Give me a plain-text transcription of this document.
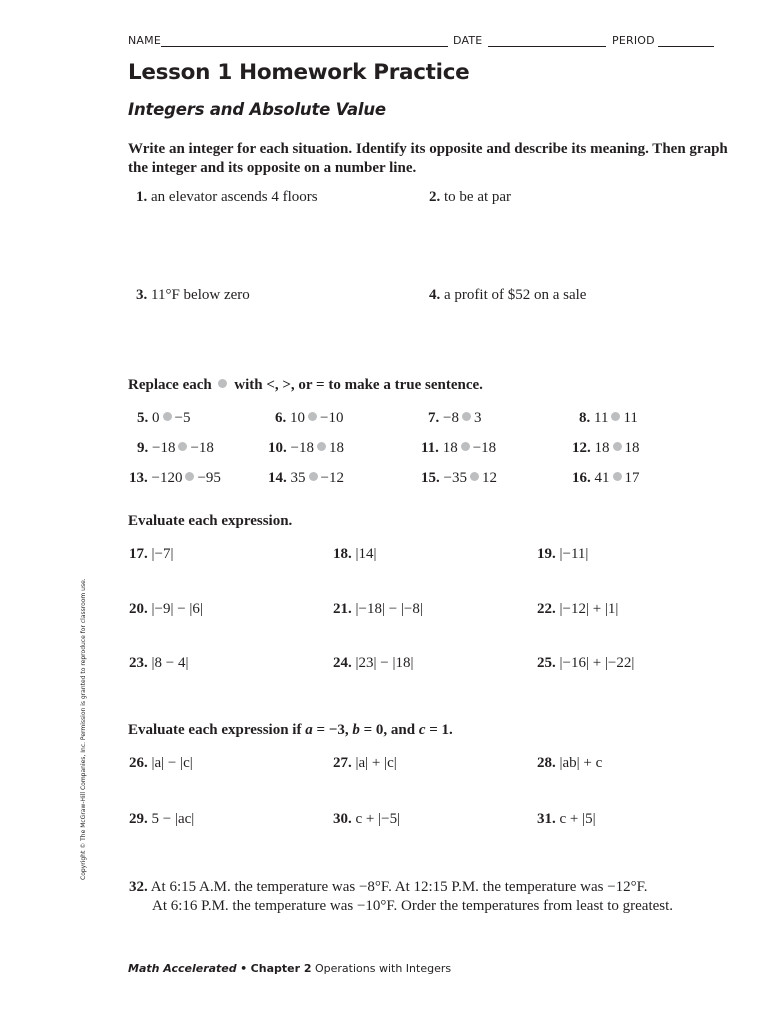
NAME	DATE	PERIOD
Lesson 1 Homework Practice
Integers and Absolute Value
Write an integer for each situation. Identify its opposite and describe its meaning. Then graph the integer and its opposite on a number line.
1. an elevator ascends 4 floors	2. to be at par
3. 11°F below zero	4. a profit of $52 on a sale
Replace each with <, >, or = to make a true sentence.
5. 0 −5	6. 10 −10	7. −8 3	8. 11 11
9. −18 −18	10. −18 18	11. 18 −18	12. 18 18
13. −120 −95	14. 35 −12	15. −35 12	16. 41 17
Evaluate each expression.
17. |−7|	18. |14|	19. |−11|
20. |−9| − |6|	21. |−18| − |−8|	22. |−12| + |1|
23. |8 − 4|	24. |23| − |18|	25. |−16| + |−22|
Evaluate each expression if a = −3, b = 0, and c = 1.
26. |a| − |c|	27. |a| + |c|	28. |ab| + c
29. 5 − |ac|	30. c + |−5|	31. c + |5|
32. At 6:15 A.M. the temperature was −8°F. At 12:15 P.M. the temperature was −12°F.
At 6:16 P.M. the temperature was −10°F. Order the temperatures from least to greatest.
Copyright © The McGraw-Hill Companies, Inc. Permission is granted to reproduce for classroom use.
Math Accelerated • Chapter 2 Operations with Integers
